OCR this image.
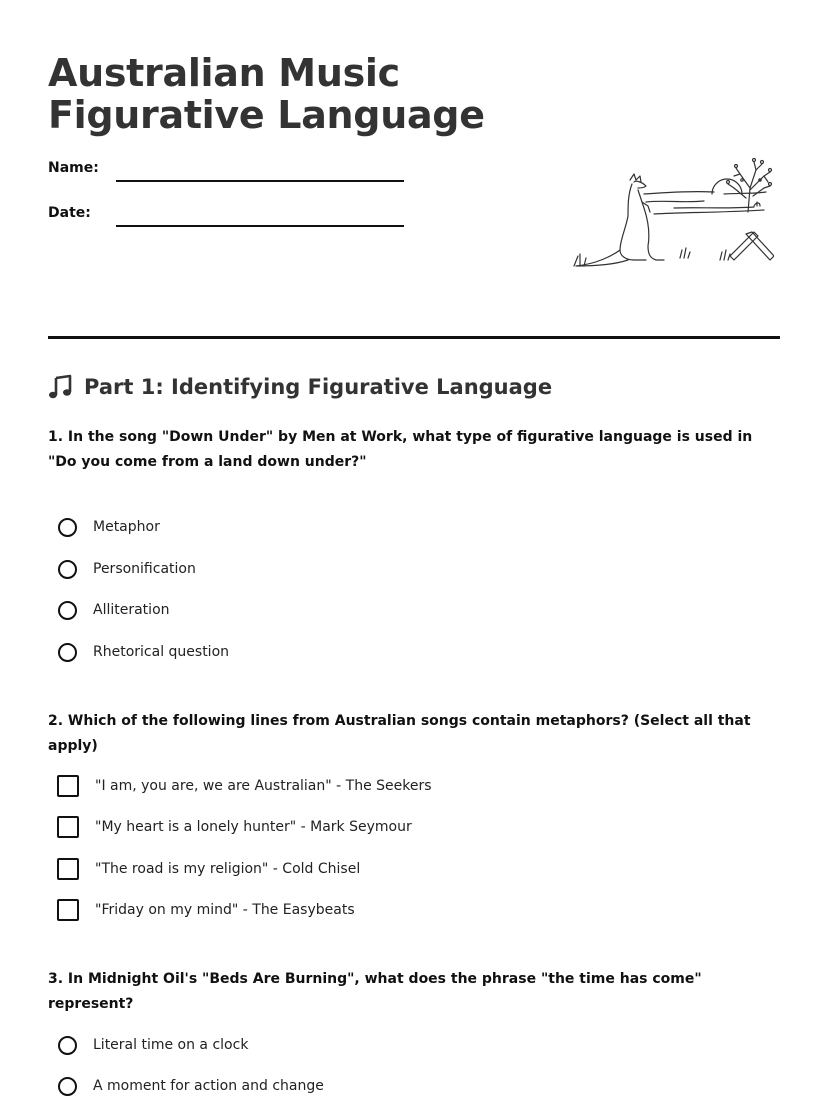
Australian Music
Figurative Language
Name:
Date:
Part 1: Identifying Figurative Language

1. In the song "Down Under" by Men at Work, what type of figurative language is used in "Do you come from a land down under?"

Metaphor
Personification
Alliteration
Rhetorical question

2. Which of the following lines from Australian songs contain metaphors? (Select all that apply)

"I am, you are, we are Australian" - The Seekers
"My heart is a lonely hunter" - Mark Seymour
"The road is my religion" - Cold Chisel
"Friday on my mind" - The Easybeats

3. In Midnight Oil's "Beds Are Burning", what does the phrase "the time has come" represent?

Literal time on a clock
A moment for action and change
